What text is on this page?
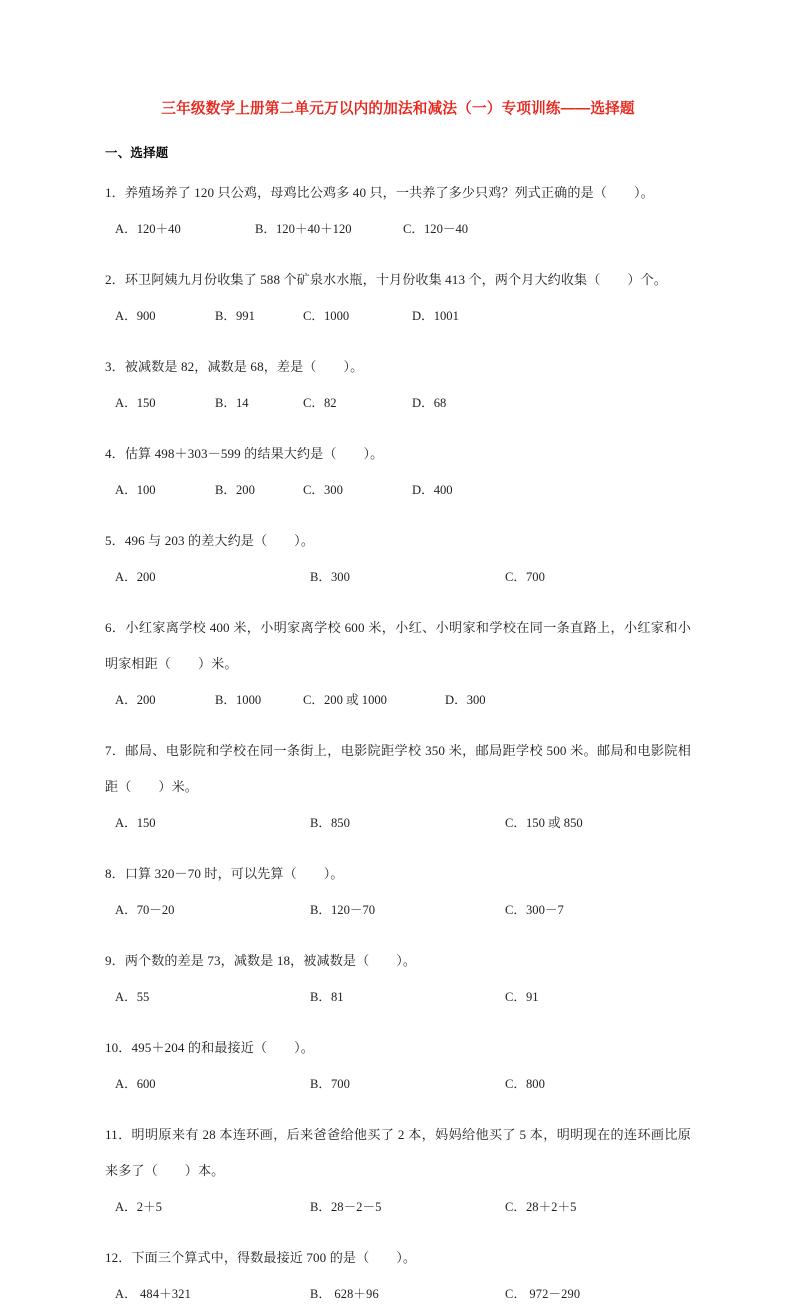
三年级数学上册第二单元万以内的加法和减法（一）专项训练——选择题
一、选择题
1．养殖场养了 120 只公鸡，母鸡比公鸡多 40 只，一共养了多少只鸡？列式正确的是（        ）。
A．120＋40	B．120＋40＋120	C．120－40
2．环卫阿姨九月份收集了 588 个矿泉水水瓶，十月份收集 413 个，两个月大约收集（        ）个。
A．900	B．991	C．1000	D．1001
3．被减数是 82，减数是 68，差是（        ）。
A．150	B．14	C．82	D．68
4．估算 498＋303－599 的结果大约是（        ）。
A．100	B．200	C．300	D．400
5．496 与 203 的差大约是（        ）。
A．200	B．300	C．700
6．小红家离学校 400 米，小明家离学校 600 米，小红、小明家和学校在同一条直路上，小红家和小明家相距（        ）米。
A．200	B．1000	C．200 或 1000	D．300
7．邮局、电影院和学校在同一条街上，电影院距学校 350 米，邮局距学校 500 米。邮局和电影院相距（        ）米。
A．150	B．850	C．150 或 850
8．口算 320－70 时，可以先算（        ）。
A．70－20	B．120－70	C．300－7
9．两个数的差是 73，减数是 18，被减数是（        ）。
A．55	B．81	C．91
10．495＋204 的和最接近（        ）。
A．600	B．700	C．800
11．明明原来有 28 本连环画，后来爸爸给他买了 2 本，妈妈给他买了 5 本，明明现在的连环画比原来多了（        ）本。
A．2＋5	B．28－2－5	C．28＋2＋5
12．下面三个算式中，得数最接近 700 的是（        ）。
A． 484＋321	B． 628＋96	C． 972－290
